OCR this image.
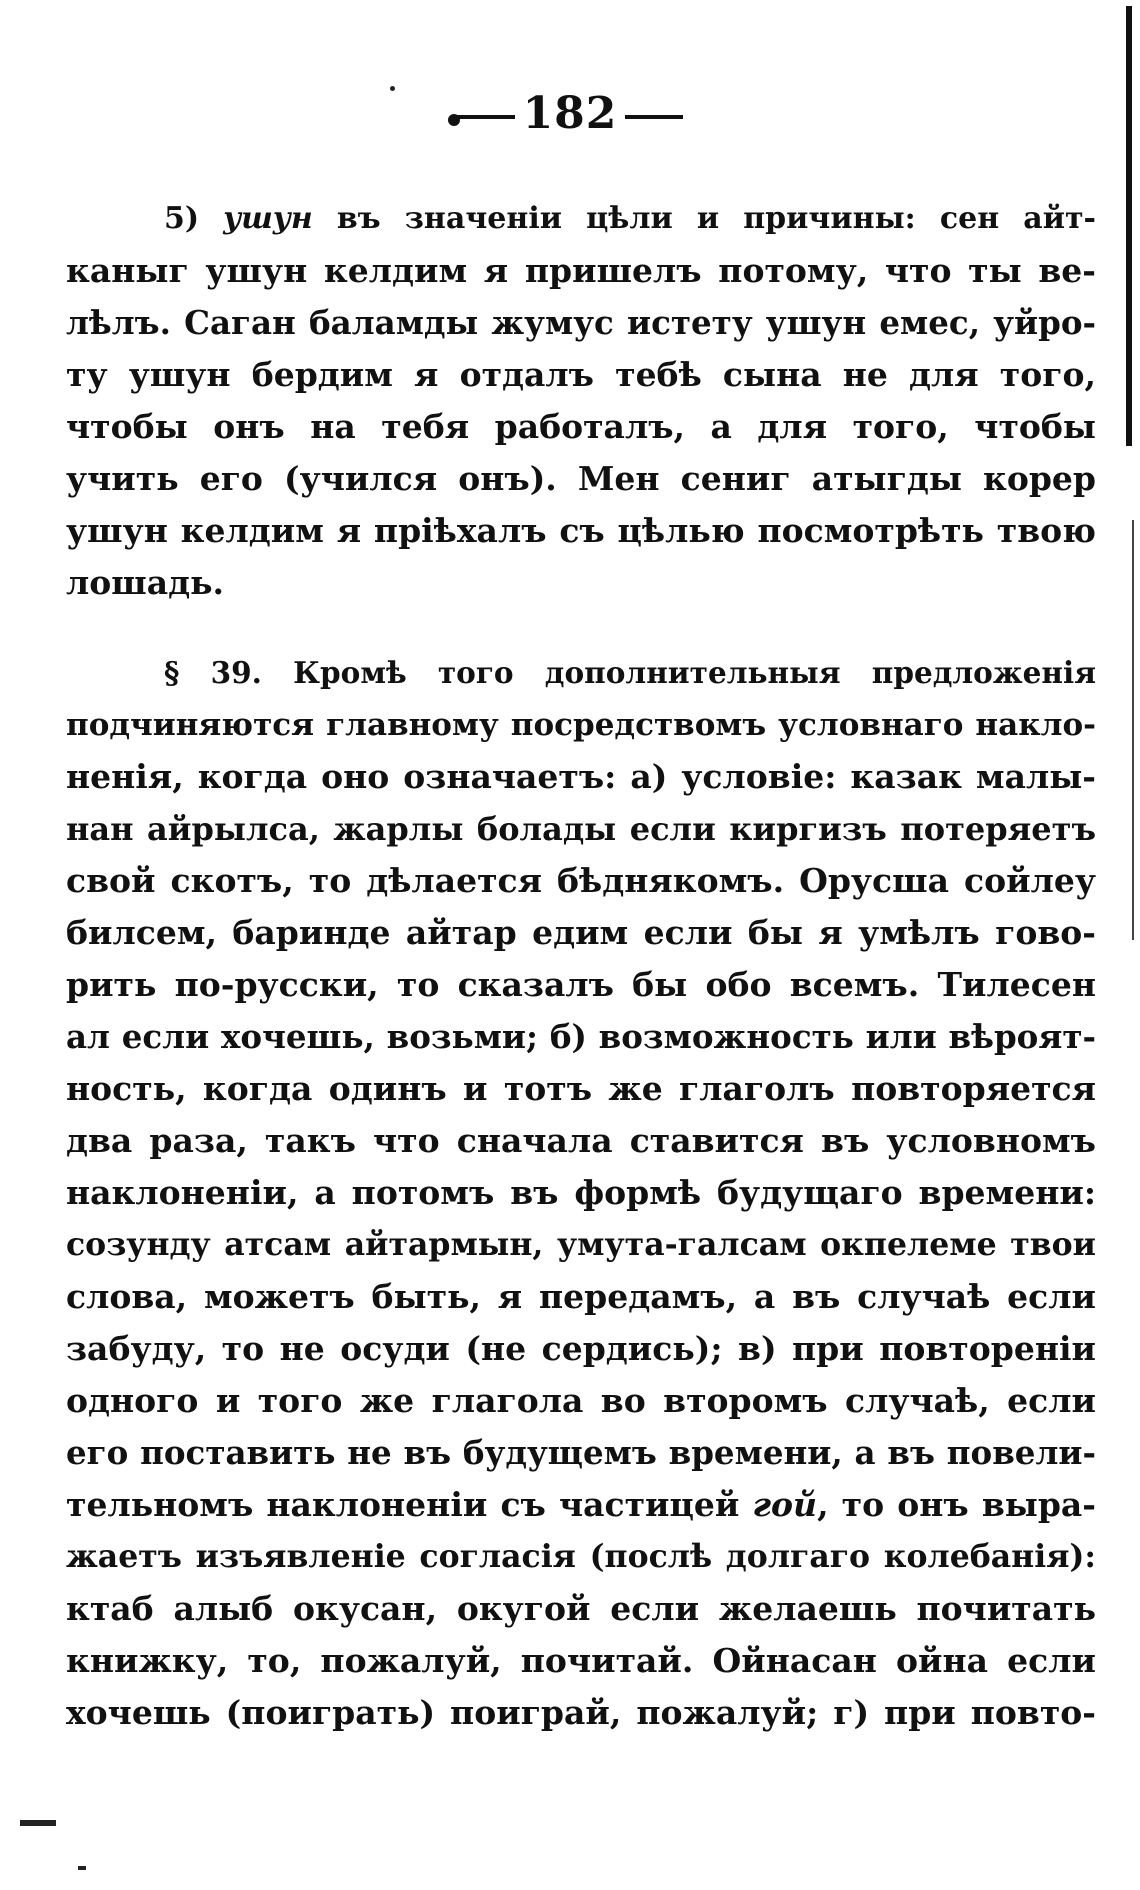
182
5) ушун въ значеніи цѣли и причины: сен айт-
каныг ушун келдим я пришелъ потому, что ты ве-
лѣлъ. Саган баламды жумус истету ушун емес, уйро-
ту ушун бердим я отдалъ тебѣ сына не для того,
чтобы онъ на тебя работалъ, а для того, чтобы
учить его (учился онъ). Мен сениг атыгды корер
ушун келдим я пріѣхалъ съ цѣлью посмотрѣть твою
лошадь.
§ 39. Кромѣ того дополнительныя предложенія
подчиняются главному посредствомъ условнаго накло-
ненія, когда оно означаетъ: а) условіе: казак малы-
нан айрылса, жарлы болады если киргизъ потеряетъ
свой скотъ, то дѣлается бѣднякомъ. Орусша сойлеу
билсем, баринде айтар едим если бы я умѣлъ гово-
рить по-русски, то сказалъ бы обо всемъ. Тилесен
ал если хочешь, возьми; б) возможность или вѣроят-
ность, когда одинъ и тотъ же глаголъ повторяется
два раза, такъ что сначала ставится въ условномъ
наклоненіи, а потомъ въ формѣ будущаго времени:
созунду атсам айтармын, умута-галсам окпелеме твои
слова, можетъ быть, я передамъ, а въ случаѣ если
забуду, то не осуди (не сердись); в) при повтореніи
одного и того же глагола во второмъ случаѣ, если
его поставить не въ будущемъ времени, а въ повели-
тельномъ наклоненіи съ частицей гой, то онъ выра-
жаетъ изъявленіе согласія (послѣ долгаго колебанія):
ктаб алыб окусан, окугой если желаешь почитать
книжку, то, пожалуй, почитай. Ойнасан ойна если
хочешь (поиграть) поиграй, пожалуй; г) при повто-
